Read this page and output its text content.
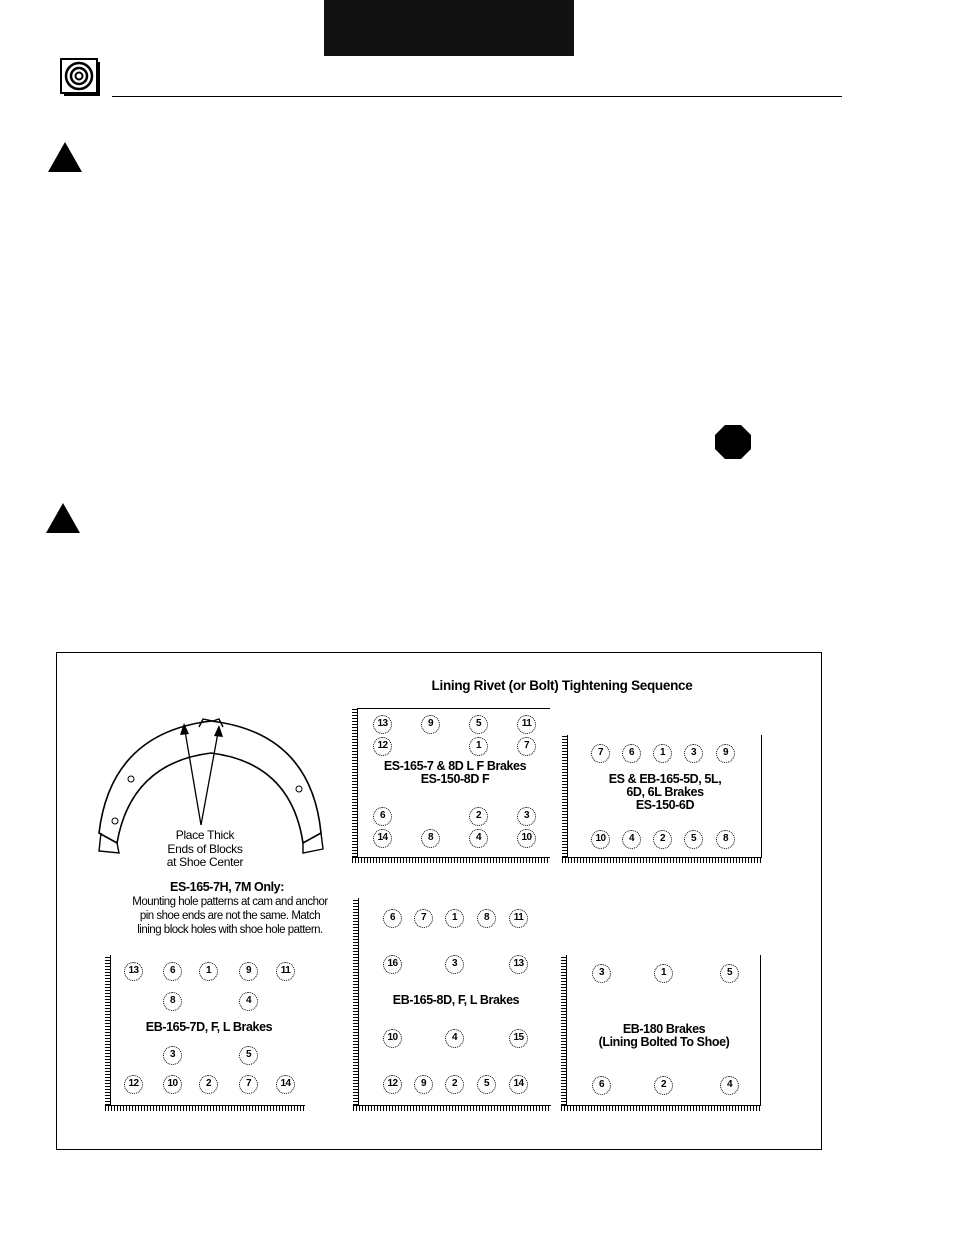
Lining Rivet (or Bolt) Tightening Sequence
Place Thick
Ends of Blocks
at Shoe Center
ES-165-7H, 7M Only:
Mounting hole patterns at cam and anchor
pin shoe ends are not the same. Match
lining block holes with shoe hole pattern.
13	9	5	11
12	1	7
ES-165-7 & 8D L F Brakes
ES-150-8D F
6	2	3
14	8	4	10
7	6	1	3	9
ES & EB-165-5D, 5L,
6D, 6L Brakes
ES-150-6D
10	4	2	5	8
13	6	1	9	11
8	4
EB-165-7D, F, L Brakes
3	5
12	10	2	7	14
6	7	1	8	11
16	3	13
EB-165-8D, F, L Brakes
10	4	15
12	9	2	5	14
3	1	5
EB-180 Brakes
(Lining Bolted To Shoe)
6	2	4
